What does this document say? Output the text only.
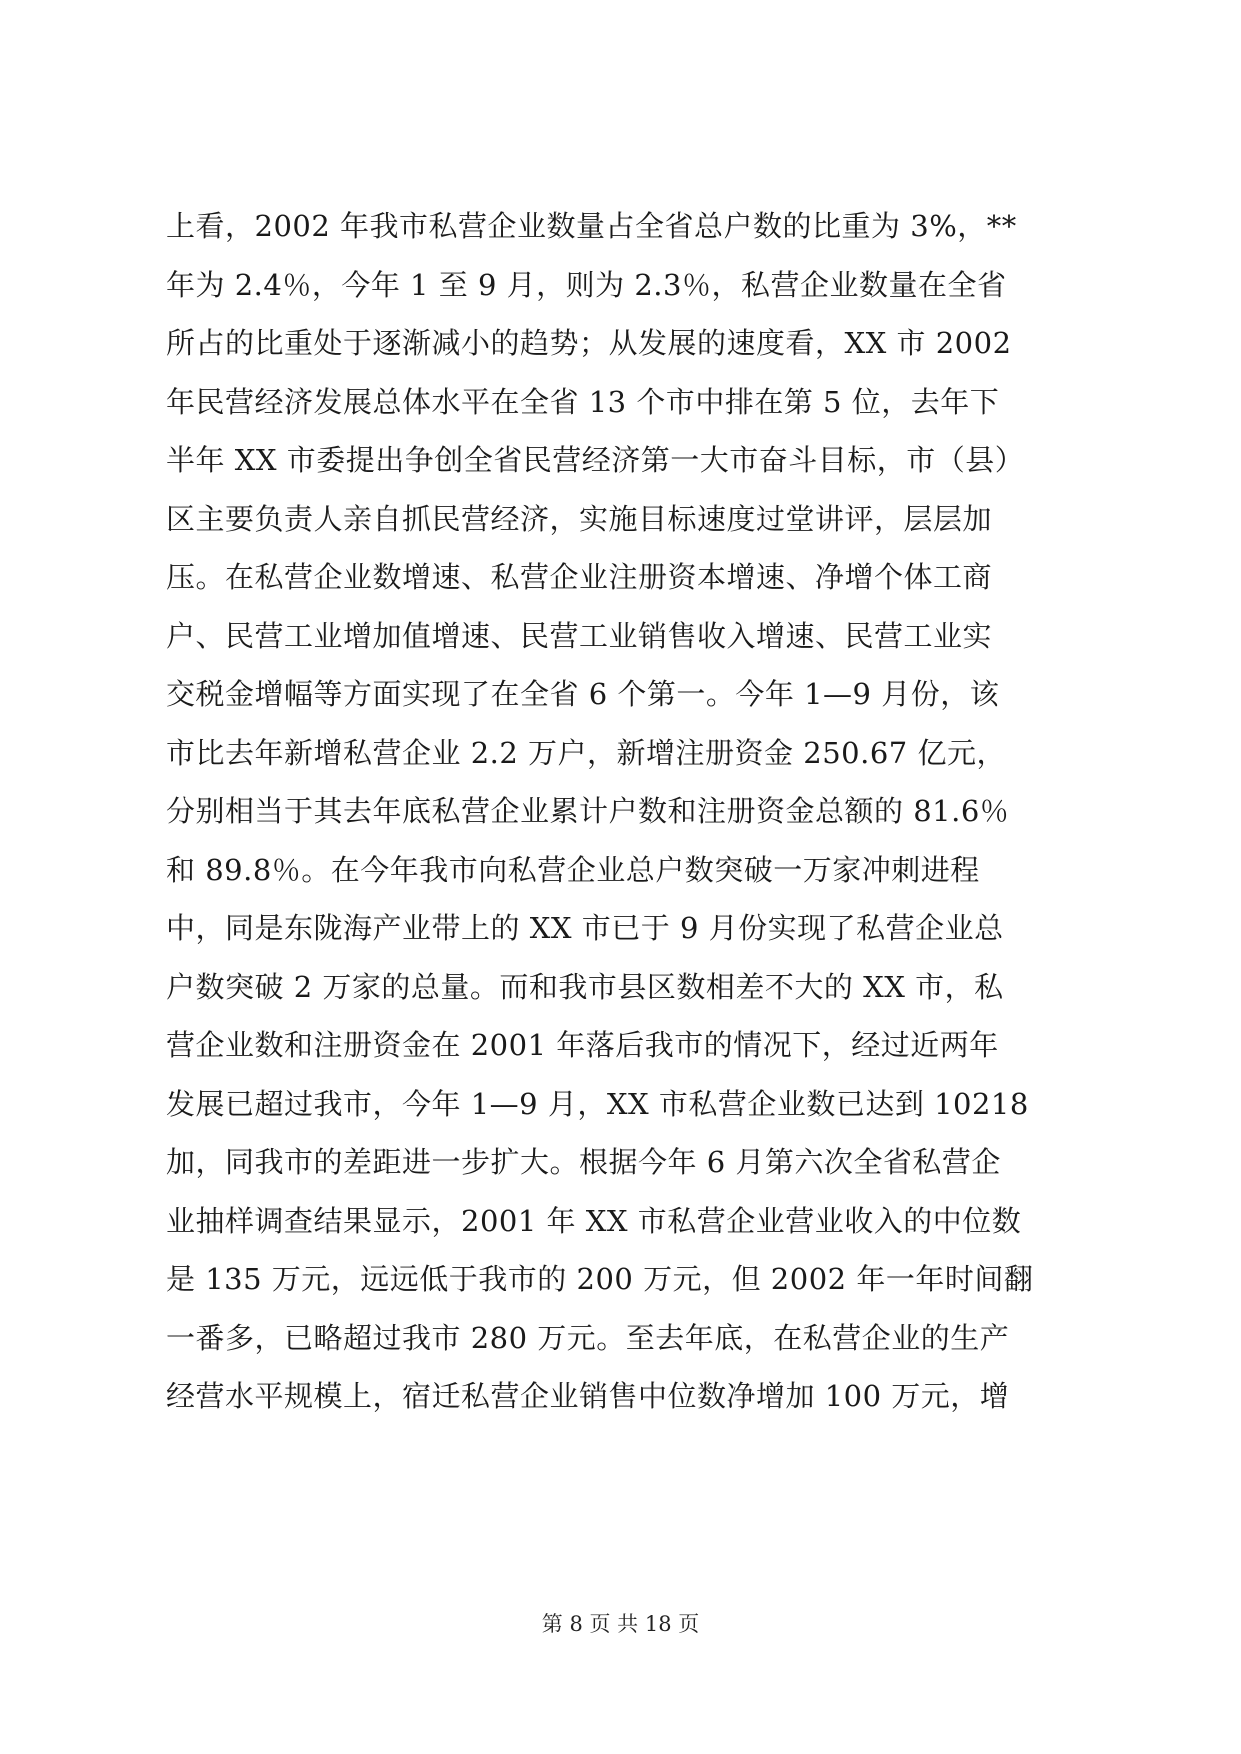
上看，2002 年我市私营企业数量占全省总户数的比重为 3%，**
年为 2.4％，今年 1 至 9 月，则为 2.3％，私营企业数量在全省
所占的比重处于逐渐减小的趋势；从发展的速度看，XX 市 2002
年民营经济发展总体水平在全省 13 个市中排在第 5 位，去年下
半年 XX 市委提出争创全省民营经济第一大市奋斗目标，市（县）
区主要负责人亲自抓民营经济，实施目标速度过堂讲评，层层加
压。在私营企业数增速、私营企业注册资本增速、净增个体工商
户、民营工业增加值增速、民营工业销售收入增速、民营工业实
交税金增幅等方面实现了在全省 6 个第一。今年 1—9 月份，该
市比去年新增私营企业 2.2 万户，新增注册资金 250.67 亿元，
分别相当于其去年底私营企业累计户数和注册资金总额的 81.6％
和 89.8％。在今年我市向私营企业总户数突破一万家冲刺进程
中，同是东陇海产业带上的 XX 市已于 9 月份实现了私营企业总
户数突破 2 万家的总量。而和我市县区数相差不大的 XX 市，私
营企业数和注册资金在 2001 年落后我市的情况下，经过近两年
发展已超过我市，今年 1—9 月，XX 市私营企业数已达到 10218
加，同我市的差距进一步扩大。根据今年 6 月第六次全省私营企
业抽样调查结果显示，2001 年 XX 市私营企业营业收入的中位数
是 135 万元，远远低于我市的 200 万元，但 2002 年一年时间翻
一番多，已略超过我市 280 万元。至去年底，在私营企业的生产
经营水平规模上，宿迁私营企业销售中位数净增加 100 万元，增
第 8 页 共 18 页
